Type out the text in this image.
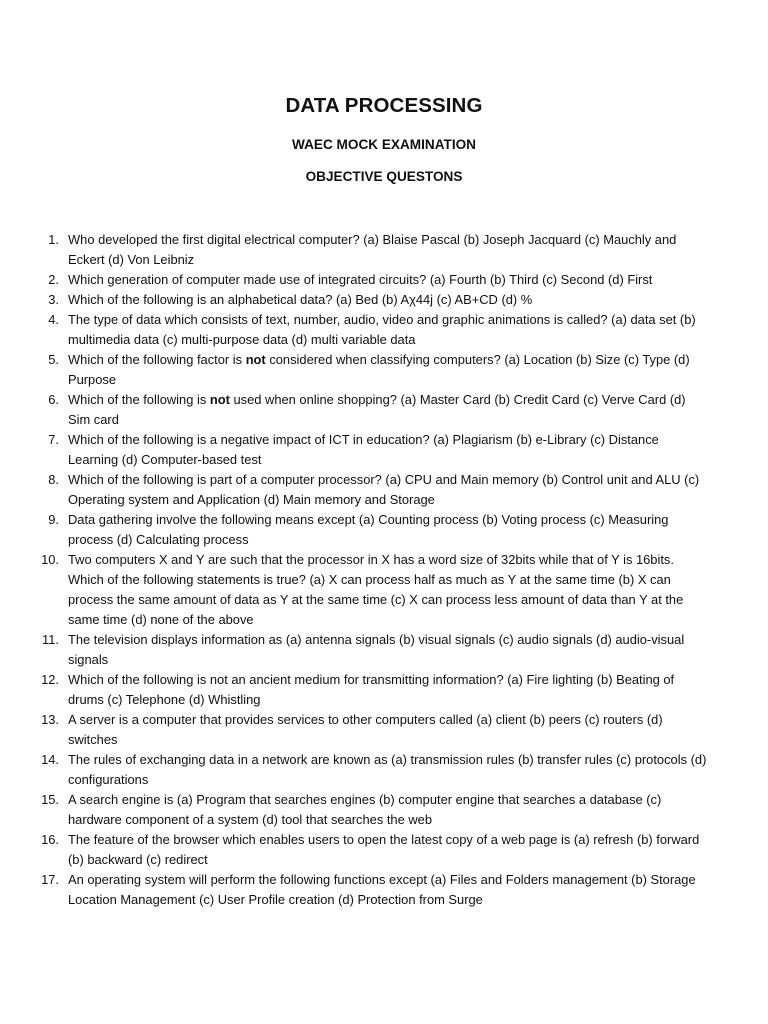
DATA PROCESSING
WAEC MOCK EXAMINATION
OBJECTIVE QUESTONS
1. Who developed the first digital electrical computer? (a) Blaise Pascal (b) Joseph Jacquard (c) Mauchly and Eckert (d) Von Leibniz
2. Which generation of computer made use of integrated circuits? (a) Fourth (b) Third (c) Second (d) First
3. Which of the following is an alphabetical data? (a) Bed (b) Aχ44j (c) AB+CD (d) %
4. The type of data which consists of text, number, audio, video and graphic animations is called? (a) data set (b) multimedia data (c) multi-purpose data (d) multi variable data
5. Which of the following factor is not considered when classifying computers? (a) Location (b) Size (c) Type (d) Purpose
6. Which of the following is not used when online shopping? (a) Master Card (b) Credit Card (c) Verve Card (d) Sim card
7. Which of the following is a negative impact of ICT in education? (a) Plagiarism (b) e-Library (c) Distance Learning (d) Computer-based test
8. Which of the following is part of a computer processor? (a) CPU and Main memory (b) Control unit and ALU (c) Operating system and Application (d) Main memory and Storage
9. Data gathering involve the following means except (a) Counting process (b) Voting process (c) Measuring process (d) Calculating process
10. Two computers X and Y are such that the processor in X has a word size of 32bits while that of Y is 16bits. Which of the following statements is true? (a) X can process half as much as Y at the same time (b) X can process the same amount of data as Y at the same time (c) X can process less amount of data than Y at the same time (d) none of the above
11. The television displays information as (a) antenna signals (b) visual signals (c) audio signals (d) audio-visual signals
12. Which of the following is not an ancient medium for transmitting information? (a) Fire lighting (b) Beating of drums (c) Telephone (d) Whistling
13. A server is a computer that provides services to other computers called (a) client (b) peers (c) routers (d) switches
14. The rules of exchanging data in a network are known as (a) transmission rules (b) transfer rules (c) protocols (d) configurations
15. A search engine is (a) Program that searches engines (b) computer engine that searches a database (c) hardware component of a system (d) tool that searches the web
16. The feature of the browser which enables users to open the latest copy of a web page is (a) refresh (b) forward (b) backward (c) redirect
17. An operating system will perform the following functions except (a) Files and Folders management (b) Storage Location Management (c) User Profile creation (d) Protection from Surge
